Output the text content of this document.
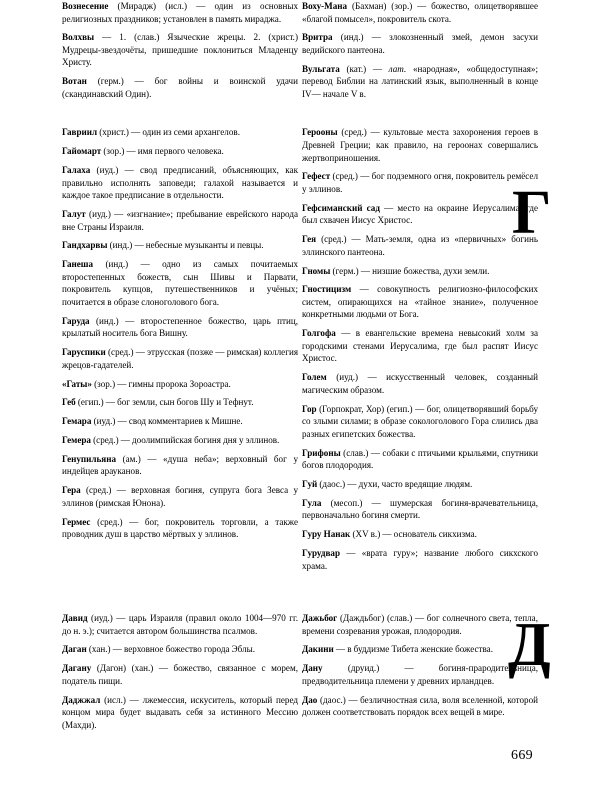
Вознесение (Мирадж) (исл.) — один из основных религиозных праздников; установлен в память мираджа.

Волхвы — 1. (слав.) Языческие жрецы. 2. (христ.) Мудрецы-звездочёты, пришедшие поклониться Младенцу Христу.

Вотан (герм.) — бог войны и воинской удачи (скандинавский Один).

Гавриил (христ.) — один из семи архангелов.

Гайомарт (зор.) — имя первого человека.

Галаха (иуд.) — свод предписаний, объясняющих, как правильно исполнять заповеди; галахой называется и каждое такое предписание в отдельности.

Галут (иуд.) — «изгнание»; пребывание еврейского народа вне Страны Израиля.

Гандхарвы (инд.) — небесные музыканты и певцы.

Ганеша (инд.) — одно из самых почитаемых второстепенных божеств, сын Шивы и Парвати, покровитель купцов, путешественников и учёных; почитается в образе слоноголового бога.

Гаруда (инд.) — второстепенное божество, царь птиц, крылатый носитель бога Вишну.

Гаруспики (сред.) — этрусская (позже — римская) коллегия жрецов-гадателей.

«Гаты» (зор.) — гимны пророка Зороастра.

Геб (егип.) — бог земли, сын богов Шу и Тефнут.

Гемара (иуд.) — свод комментариев к Мишне.

Гемера (сред.) — доолимпийская богиня дня у эллинов.

Генупильяна (ам.) — «душа неба»; верховный бог у индейцев арауканов.

Гера (сред.) — верховная богиня, супруга бога Зевса у эллинов (римская Юнона).

Гермес (сред.) — бог, покровитель торговли, а также проводник душ в царство мёртвых у эллинов.

Воху-Мана (Бахман) (зор.) — божество, олицетворявшее «благой помысел», покровитель скота.

Вритра (инд.) — злокозненный змей, демон засухи ведийского пантеона.

Вульгата (кат.) — лат. «народная», «общедоступная»; перевод Библии на латинский язык, выполненный в конце IV— начале V в.

Герооны (сред.) — культовые места захоронения героев в Древней Греции; как правило, на героонах совершались жертвоприношения.

Гефест (сред.) — бог подземного огня, покровитель ремёсел у эллинов.

Гефсиманский сад — место на окраине Иерусалима, где был схвачен Иисус Христос.

Гея (сред.) — Мать-земля, одна из «первичных» богинь эллинского пантеона.

Гномы (герм.) — низшие божества, духи земли.

Гностицизм — совокупность религиозно-философских систем, опирающихся на «тайное знание», полученное конкретными людьми от Бога.

Голгофа — в евангельские времена невысокий холм за городскими стенами Иерусалима, где был распят Иисус Христос.

Голем (иуд.) — искусственный человек, созданный магическим образом.

Гор (Горпократ, Хор) (егип.) — бог, олицетворявший борьбу со злыми силами; в образе сокологолового Гора слились два разных египетских божества.

Грифоны (слав.) — собаки с птичьими крыльями, спутники богов плодородия.

Гуй (даос.) — духи, часто вредящие людям.

Гула (месоп.) — шумерская богиня-врачевательница, первоначально богиня смерти.

Гуру Нанак (XV в.) — основатель сикхизма.

Гурудвар — «врата гуру»; название любого сикхского храма.

Давид (иуд.) — царь Израиля (правил около 1004—970 гг. до н. э.); считается автором большинства псалмов.

Даган (хан.) — верховное божество города Эблы.

Дагану (Дагон) (хан.) — божество, связанное с морем, податель пищи.

Даджжал (исл.) — лжемессия, искуситель, который перед концом мира будет выдавать себя за истинного Мессию (Махди).

Дажьбог (Даждьбог) (слав.) — бог солнечного света, тепла, времени созревания урожая, плодородия.

Дакини — в буддизме Тибета женские божества.

Дану (друид.) — богиня-прародительница, предводительница племени у древних ирландцев.

Дао (даос.) — безличностная сила, воля вселенной, которой должен соответствовать порядок всех вещей в мире.

Г
Д
669
